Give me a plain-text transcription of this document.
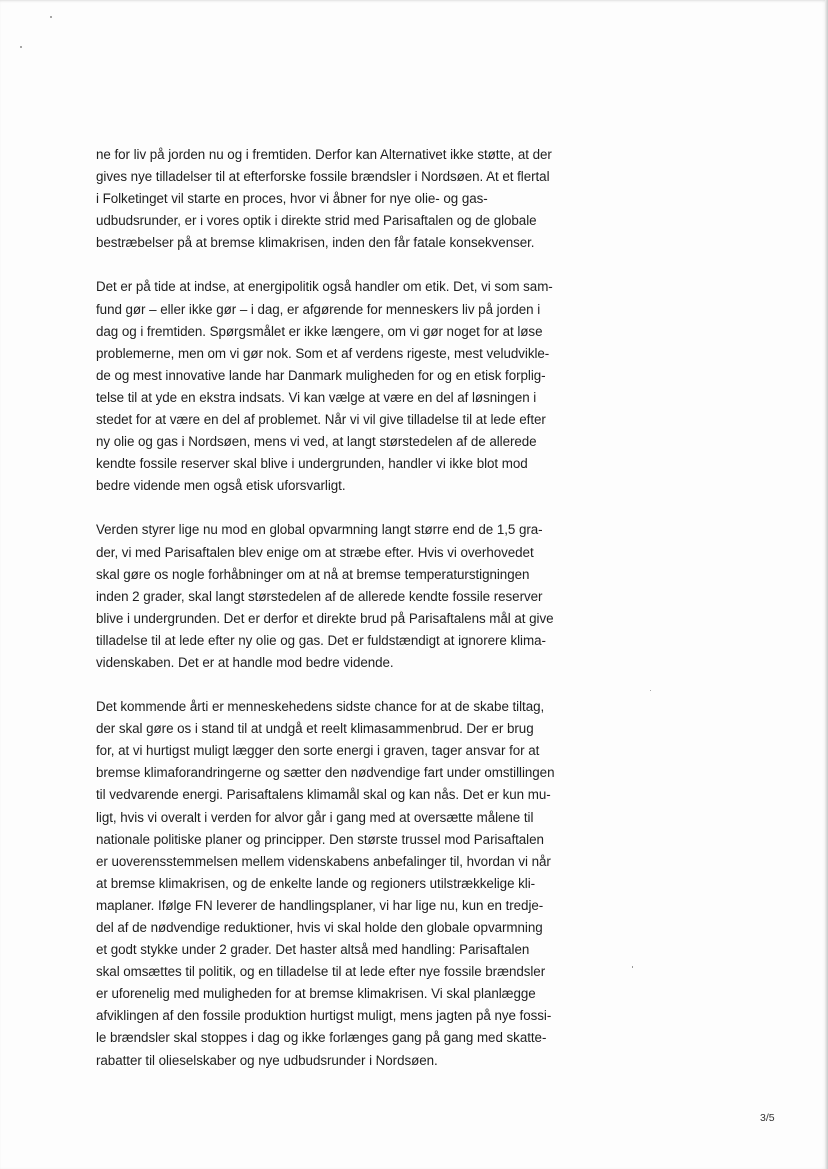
ne for liv på jorden nu og i fremtiden. Derfor kan Alternativet ikke støtte, at der
gives nye tilladelser til at efterforske fossile brændsler i Nordsøen. At et flertal
i Folketinget vil starte en proces, hvor vi åbner for nye olie- og gas-
udbudsrunder, er i vores optik i direkte strid med Parisaftalen og de globale
bestræbelser på at bremse klimakrisen, inden den får fatale konsekvenser.

Det er på tide at indse, at energipolitik også handler om etik. Det, vi som sam-
fund gør – eller ikke gør – i dag, er afgørende for menneskers liv på jorden i
dag og i fremtiden. Spørgsmålet er ikke længere, om vi gør noget for at løse
problemerne, men om vi gør nok. Som et af verdens rigeste, mest veludvikle-
de og mest innovative lande har Danmark muligheden for og en etisk forplig-
telse til at yde en ekstra indsats. Vi kan vælge at være en del af løsningen i
stedet for at være en del af problemet. Når vi vil give tilladelse til at lede efter
ny olie og gas i Nordsøen, mens vi ved, at langt størstedelen af de allerede
kendte fossile reserver skal blive i undergrunden, handler vi ikke blot mod
bedre vidende men også etisk uforsvarligt.

Verden styrer lige nu mod en global opvarmning langt større end de 1,5 gra-
der, vi med Parisaftalen blev enige om at stræbe efter. Hvis vi overhovedet
skal gøre os nogle forhåbninger om at nå at bremse temperaturstigningen
inden 2 grader, skal langt størstedelen af de allerede kendte fossile reserver
blive i undergrunden. Det er derfor et direkte brud på Parisaftalens mål at give
tilladelse til at lede efter ny olie og gas. Det er fuldstændigt at ignorere klima-
videnskaben. Det er at handle mod bedre vidende.

Det kommende årti er menneskehedens sidste chance for at de skabe tiltag,
der skal gøre os i stand til at undgå et reelt klimasammenbrud. Der er brug
for, at vi hurtigst muligt lægger den sorte energi i graven, tager ansvar for at
bremse klimaforandringerne og sætter den nødvendige fart under omstillingen
til vedvarende energi. Parisaftalens klimamål skal og kan nås. Det er kun mu-
ligt, hvis vi overalt i verden for alvor går i gang med at oversætte målene til
nationale politiske planer og principper. Den største trussel mod Parisaftalen
er uoverensstemmelsen mellem videnskabens anbefalinger til, hvordan vi når
at bremse klimakrisen, og de enkelte lande og regioners utilstrækkelige kli-
maplaner. Ifølge FN leverer de handlingsplaner, vi har lige nu, kun en tredje-
del af de nødvendige reduktioner, hvis vi skal holde den globale opvarmning
et godt stykke under 2 grader. Det haster altså med handling: Parisaftalen
skal omsættes til politik, og en tilladelse til at lede efter nye fossile brændsler
er uforenelig med muligheden for at bremse klimakrisen. Vi skal planlægge
afviklingen af den fossile produktion hurtigst muligt, mens jagten på nye fossi-
le brændsler skal stoppes i dag og ikke forlænges gang på gang med skatte-
rabatter til olieselskaber og nye udbudsrunder i Nordsøen.

3/5
